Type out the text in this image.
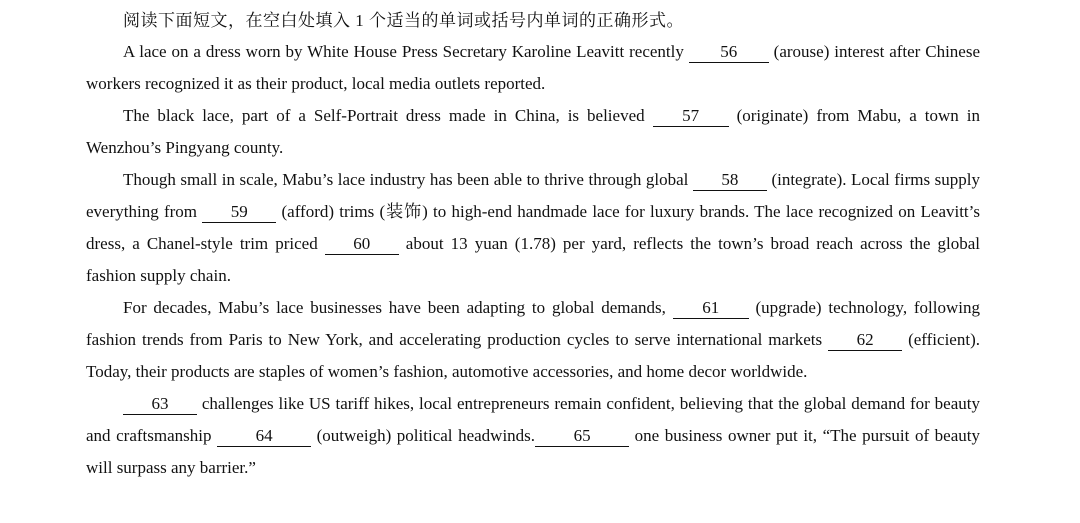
阅读下面短文，在空白处填入 1 个适当的单词或括号内单词的正确形式。

A lace on a dress worn by White House Press Secretary Karoline Leavitt recently 56 (arouse) interest after Chinese workers recognized it as their product, local media outlets reported.

The black lace, part of a Self-Portrait dress made in China, is believed 57 (originate) from Mabu, a town in Wenzhou’s Pingyang county.

Though small in scale, Mabu’s lace industry has been able to thrive through global 58 (integrate). Local firms supply everything from 59 (afford) trims (装饰) to high-end handmade lace for luxury brands. The lace recognized on Leavitt’s dress, a Chanel-style trim priced 60 about 13 yuan (1.78) per yard, reflects the town’s broad reach across the global fashion supply chain.

For decades, Mabu’s lace businesses have been adapting to global demands, 61 (upgrade) technology, following fashion trends from Paris to New York, and accelerating production cycles to serve international markets 62 (efficient). Today, their products are staples of women’s fashion, automotive accessories, and home decor worldwide.

63 challenges like US tariff hikes, local entrepreneurs remain confident, believing that the global demand for beauty and craftsmanship 64 (outweigh) political headwinds. 65 one business owner put it, “The pursuit of beauty will surpass any barrier.”
